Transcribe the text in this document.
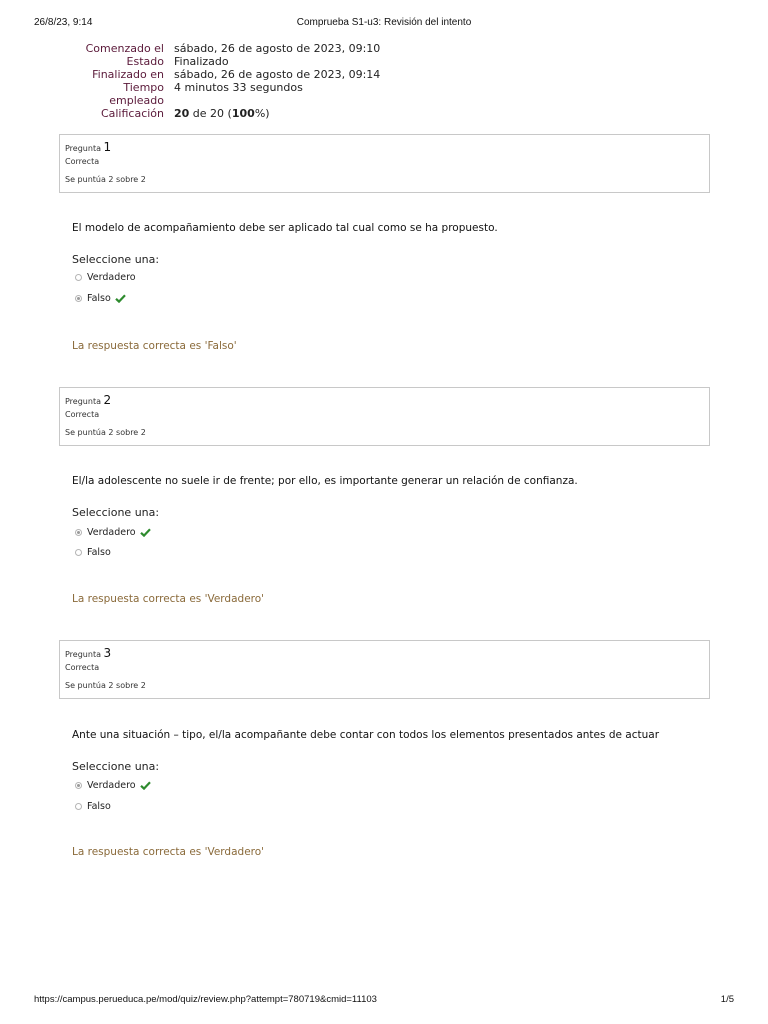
26/8/23, 9:14	Comprueba S1-u3: Revisión del intento
Comenzado el	sábado, 26 de agosto de 2023, 09:10
Estado	Finalizado
Finalizado en	sábado, 26 de agosto de 2023, 09:14
Tiempo
empleado	4 minutos 33 segundos
Calificación	20 de 20 (100%)
Pregunta 1
Correcta
Se puntúa 2 sobre 2
El modelo de acompañamiento debe ser aplicado tal cual como se ha propuesto.
Seleccione una:
Verdadero
Falso
La respuesta correcta es 'Falso'
Pregunta 2
Correcta
Se puntúa 2 sobre 2
El/la adolescente no suele ir de frente; por ello, es importante generar un relación de confianza.
Seleccione una:
Verdadero
Falso
La respuesta correcta es 'Verdadero'
Pregunta 3
Correcta
Se puntúa 2 sobre 2
Ante una situación – tipo, el/la acompañante debe contar con todos los elementos presentados antes de actuar
Seleccione una:
Verdadero
Falso
La respuesta correcta es 'Verdadero'
https://campus.perueduca.pe/mod/quiz/review.php?attempt=780719&cmid=11103	1/5
